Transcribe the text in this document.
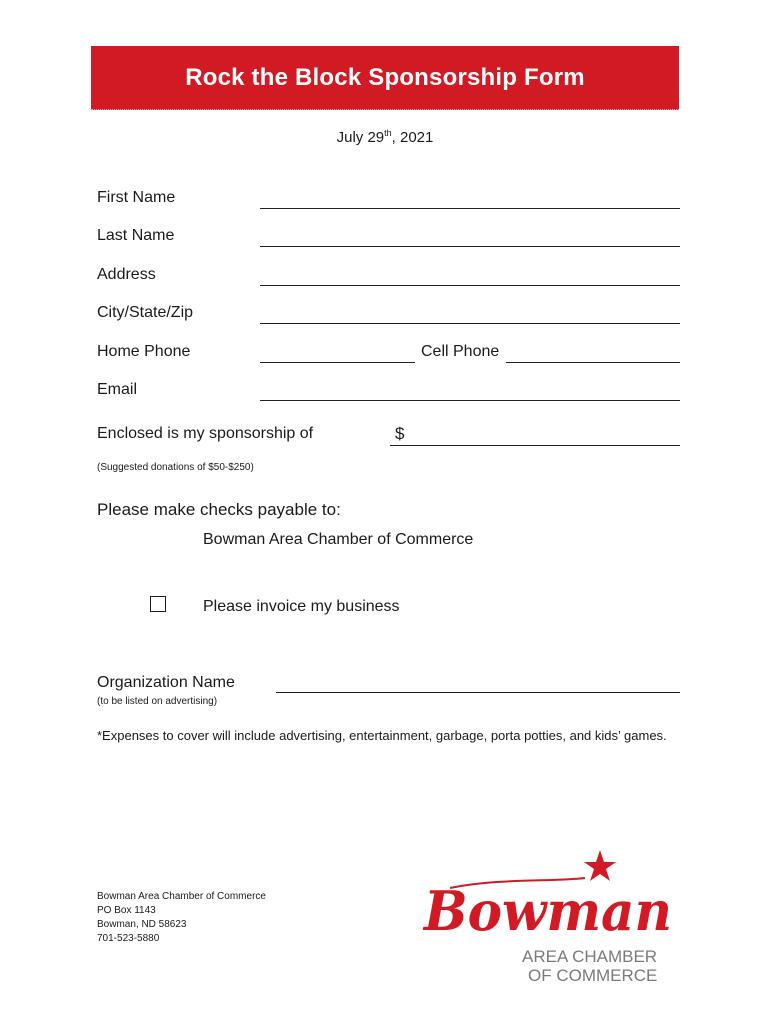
Rock the Block Sponsorship Form
July 29th, 2021
First Name
Last Name
Address
City/State/Zip
Home Phone	Cell Phone
Email
Enclosed is my sponsorship of	$
(Suggested donations of $50-$250)
Please make checks payable to:
Bowman Area Chamber of Commerce
Please invoice my business
Organization Name
(to be listed on advertising)
*Expenses to cover will include advertising, entertainment, garbage, porta potties, and kids’ games.
Bowman Area Chamber of Commerce
PO Box 1143
Bowman, ND 58623
701-523-5880	Bowman
AREA CHAMBER
OF COMMERCE
